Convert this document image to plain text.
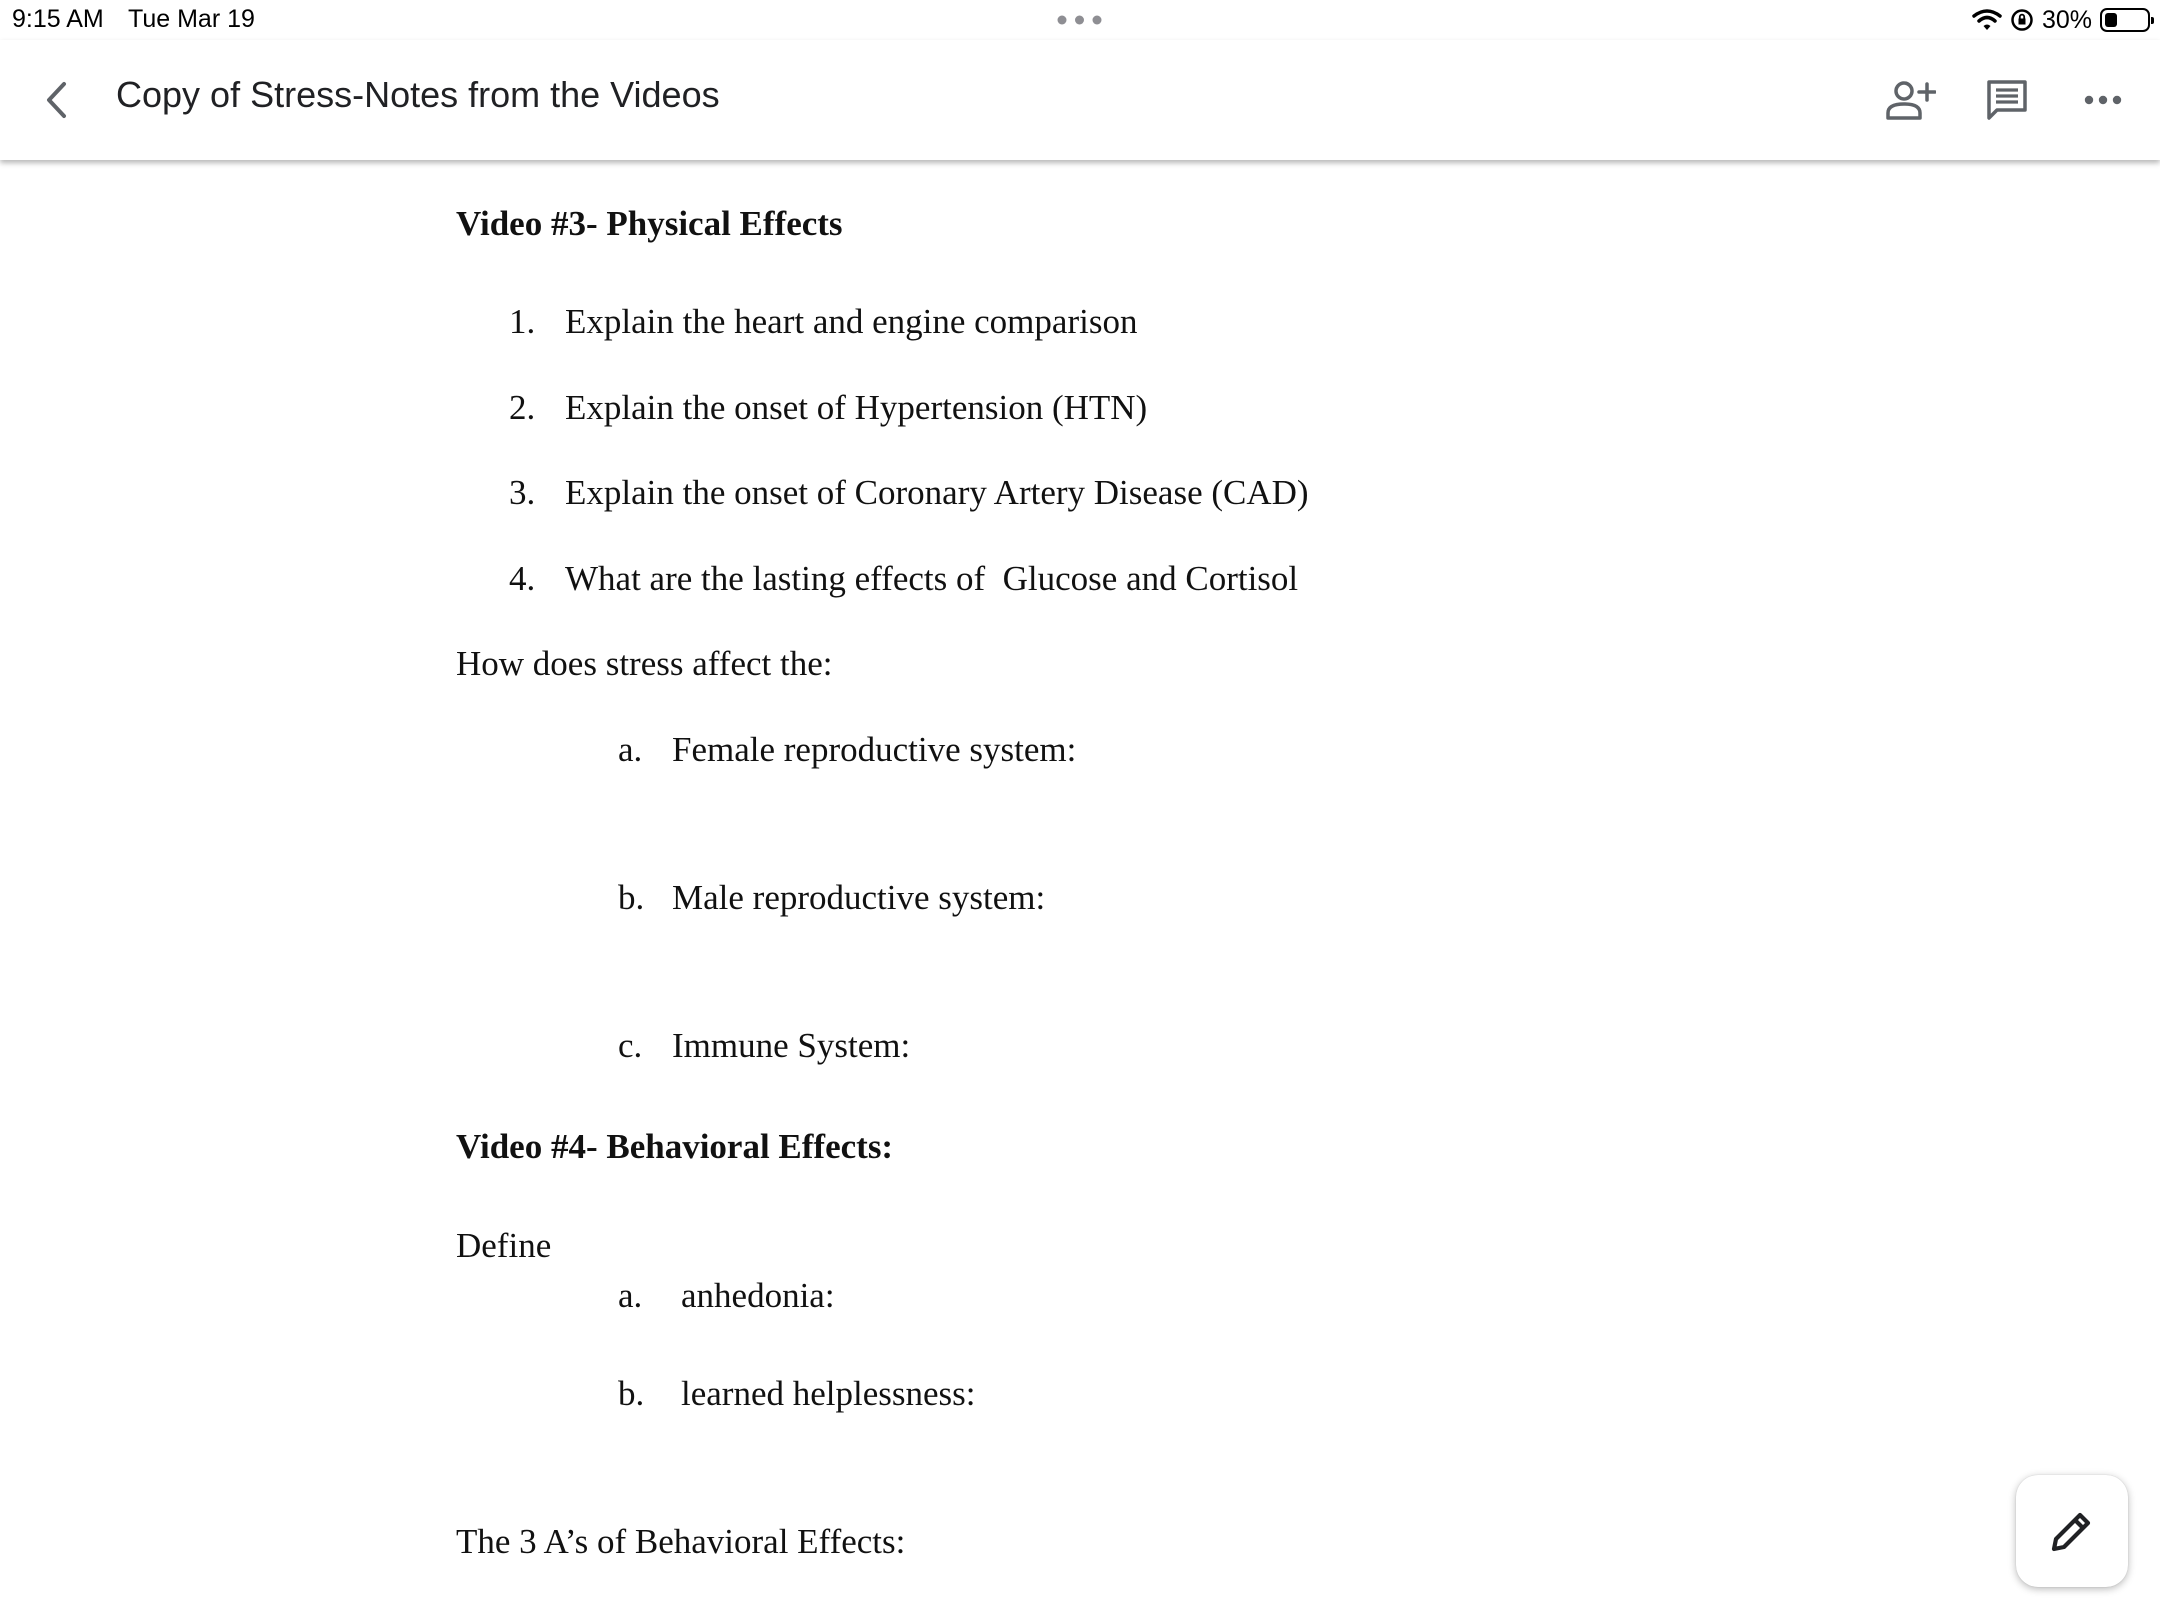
9:15 AM Tue Mar 19	30%
Copy of Stress-Notes from the Videos
Video #3- Physical Effects
1. Explain the heart and engine comparison
2. Explain the onset of Hypertension (HTN)
3. Explain the onset of Coronary Artery Disease (CAD)
4. What are the lasting effects of  Glucose and Cortisol
How does stress affect the:
a. Female reproductive system:
b. Male reproductive system:
c. Immune System:
Video #4- Behavioral Effects:
Define
a. anhedonia:
b. learned helplessness:
The 3 A’s of Behavioral Effects:
